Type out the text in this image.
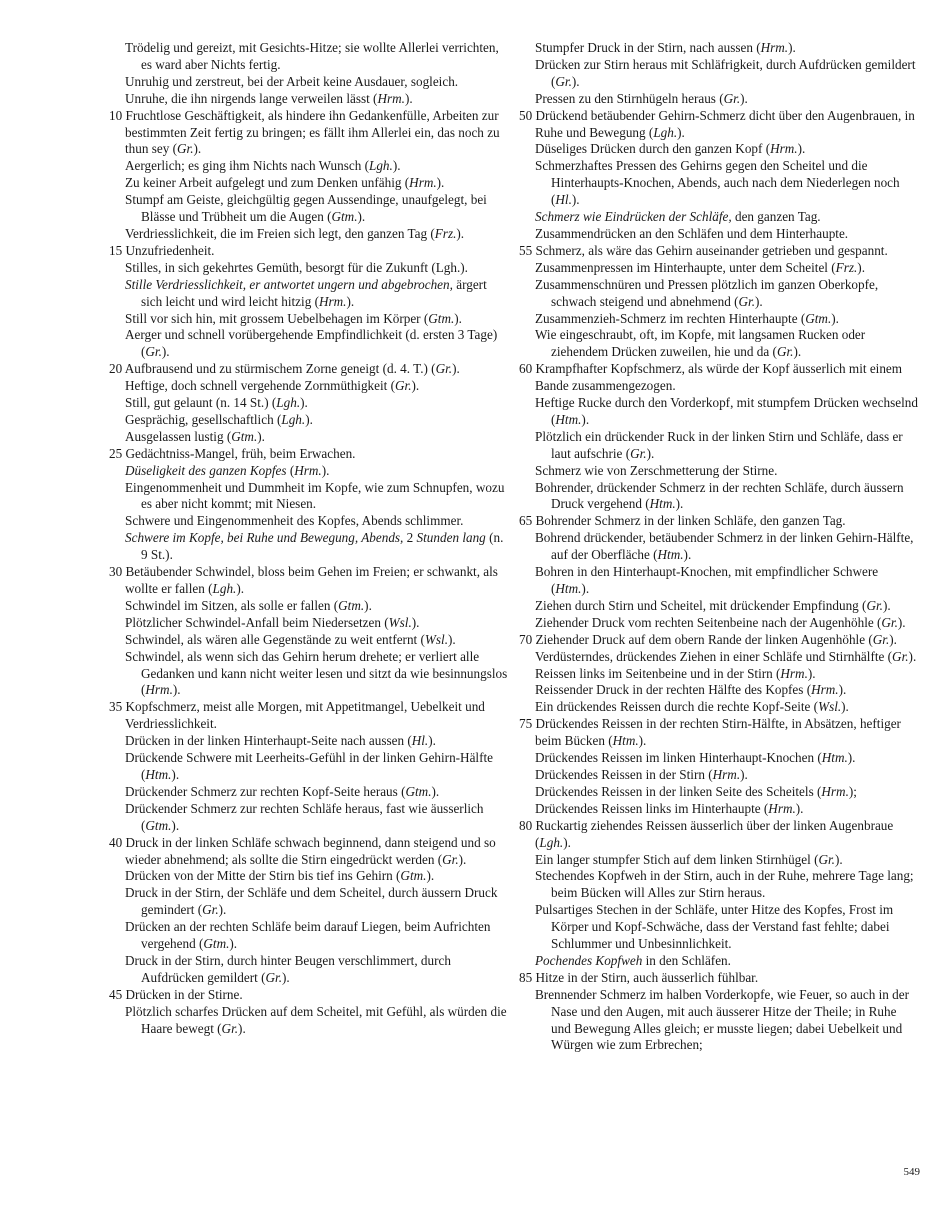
Trödelig und gereizt, mit Gesichts-Hitze; sie wollte Allerlei verrichten, es ward aber Nichts fertig.

Unruhig und zerstreut, bei der Arbeit keine Ausdauer, sogleich.

Unruhe, die ihn nirgends lange verweilen lässt (Hrm.).

10 Fruchtlose Geschäftigkeit, als hindere ihn Gedankenfülle, Arbeiten zur bestimmten Zeit fertig zu bringen; es fällt ihm Allerlei ein, das noch zu thun sey (Gr.).

Aergerlich; es ging ihm Nichts nach Wunsch (Lgh.).

Zu keiner Arbeit aufgelegt und zum Denken unfähig (Hrm.).

Stumpf am Geiste, gleichgültig gegen Aussendinge, unaufgelegt, bei Blässe und Trübheit um die Augen (Gtm.).

Verdriesslichkeit, die im Freien sich legt, den ganzen Tag (Frz.).

15 Unzufriedenheit.

Stilles, in sich gekehrtes Gemüth, besorgt für die Zukunft (Lgh.).

Stille Verdriesslichkeit, er antwortet ungern und abgebrochen, ärgert sich leicht und wird leicht hitzig (Hrm.).

Still vor sich hin, mit grossem Uebelbehagen im Körper (Gtm.).

Aerger und schnell vorübergehende Empfindlichkeit (d. ersten 3 Tage) (Gr.).

20 Aufbrausend und zu stürmischem Zorne geneigt (d. 4. T.) (Gr.).

Heftige, doch schnell vergehende Zornmüthigkeit (Gr.).

Still, gut gelaunt (n. 14 St.) (Lgh.).

Gesprächig, gesellschaftlich (Lgh.).

Ausgelassen lustig (Gtm.).

25 Gedächtniss-Mangel, früh, beim Erwachen.

Düseligkeit des ganzen Kopfes (Hrm.).

Eingenommenheit und Dummheit im Kopfe, wie zum Schnupfen, wozu es aber nicht kommt; mit Niesen.

Schwere und Eingenommenheit des Kopfes, Abends schlimmer.

Schwere im Kopfe, bei Ruhe und Bewegung, Abends, 2 Stunden lang (n. 9 St.).

30 Betäubender Schwindel, bloss beim Gehen im Freien; er schwankt, als wollte er fallen (Lgh.).

Schwindel im Sitzen, als solle er fallen (Gtm.).

Plötzlicher Schwindel-Anfall beim Niedersetzen (Wsl.).

Schwindel, als wären alle Gegenstände zu weit entfernt (Wsl.).

Schwindel, als wenn sich das Gehirn herum drehete; er verliert alle Gedanken und kann nicht weiter lesen und sitzt da wie besinnungslos (Hrm.).

35 Kopfschmerz, meist alle Morgen, mit Appetitmangel, Uebelkeit und Verdriesslichkeit.

Drücken in der linken Hinterhaupt-Seite nach aussen (Hl.).

Drückende Schwere mit Leerheits-Gefühl in der linken Gehirn-Hälfte (Htm.).

Drückender Schmerz zur rechten Kopf-Seite heraus (Gtm.).

Drückender Schmerz zur rechten Schläfe heraus, fast wie äusserlich (Gtm.).

40 Druck in der linken Schläfe schwach beginnend, dann steigend und so wieder abnehmend; als sollte die Stirn eingedrückt werden (Gr.).

Drücken von der Mitte der Stirn bis tief ins Gehirn (Gtm.).

Druck in der Stirn, der Schläfe und dem Scheitel, durch äussern Druck gemindert (Gr.).

Drücken an der rechten Schläfe beim darauf Liegen, beim Aufrichten vergehend (Gtm.).

Druck in der Stirn, durch hinter Beugen verschlimmert, durch Aufdrücken gemildert (Gr.).

45 Drücken in der Stirne.

Plötzlich scharfes Drücken auf dem Scheitel, mit Gefühl, als würden die Haare bewegt (Gr.).

Stumpfer Druck in der Stirn, nach aussen (Hrm.).

Drücken zur Stirn heraus mit Schläfrigkeit, durch Aufdrücken gemildert (Gr.).

Pressen zu den Stirnhügeln heraus (Gr.).

50 Drückend betäubender Gehirn-Schmerz dicht über den Augenbrauen, in Ruhe und Bewegung (Lgh.).

Düseliges Drücken durch den ganzen Kopf (Hrm.).

Schmerzhaftes Pressen des Gehirns gegen den Scheitel und die Hinterhaupts-Knochen, Abends, auch nach dem Niederlegen noch (Hl.).

Schmerz wie Eindrücken der Schläfe, den ganzen Tag.

Zusammendrücken an den Schläfen und dem Hinterhaupte.

55 Schmerz, als wäre das Gehirn auseinander getrieben und gespannt.

Zusammenpressen im Hinterhaupte, unter dem Scheitel (Frz.).

Zusammenschnüren und Pressen plötzlich im ganzen Oberkopfe, schwach steigend und abnehmend (Gr.).

Zusammenzieh-Schmerz im rechten Hinterhaupte (Gtm.).

Wie eingeschraubt, oft, im Kopfe, mit langsamen Rucken oder ziehendem Drücken zuweilen, hie und da (Gr.).

60 Krampfhafter Kopfschmerz, als würde der Kopf äusserlich mit einem Bande zusammengezogen.

Heftige Rucke durch den Vorderkopf, mit stumpfem Drücken wechselnd (Htm.).

Plötzlich ein drückender Ruck in der linken Stirn und Schläfe, dass er laut aufschrie (Gr.).

Schmerz wie von Zerschmetterung der Stirne.

Bohrender, drückender Schmerz in der rechten Schläfe, durch äussern Druck vergehend (Htm.).

65 Bohrender Schmerz in der linken Schläfe, den ganzen Tag.

Bohrend drückender, betäubender Schmerz in der linken Gehirn-Hälfte, auf der Oberfläche (Htm.).

Bohren in den Hinterhaupt-Knochen, mit empfindlicher Schwere (Htm.).

Ziehen durch Stirn und Scheitel, mit drückender Empfindung (Gr.).

Ziehender Druck vom rechten Seitenbeine nach der Augenhöhle (Gr.).

70 Ziehender Druck auf dem obern Rande der linken Augenhöhle (Gr.).

Verdüsterndes, drückendes Ziehen in einer Schläfe und Stirnhälfte (Gr.).

Reissen links im Seitenbeine und in der Stirn (Hrm.).

Reissender Druck in der rechten Hälfte des Kopfes (Hrm.).

Ein drückendes Reissen durch die rechte Kopf-Seite (Wsl.).

75 Drückendes Reissen in der rechten Stirn-Hälfte, in Absätzen, heftiger beim Bücken (Htm.).

Drückendes Reissen im linken Hinterhaupt-Knochen (Htm.).

Drückendes Reissen in der Stirn (Hrm.).

Drückendes Reissen in der linken Seite des Scheitels (Hrm.);

Drückendes Reissen links im Hinterhaupte (Hrm.).

80 Ruckartig ziehendes Reissen äusserlich über der linken Augenbraue (Lgh.).

Ein langer stumpfer Stich auf dem linken Stirnhügel (Gr.).

Stechendes Kopfweh in der Stirn, auch in der Ruhe, mehrere Tage lang; beim Bücken will Alles zur Stirn heraus.

Pulsartiges Stechen in der Schläfe, unter Hitze des Kopfes, Frost im Körper und Kopf-Schwäche, dass der Verstand fast fehlte; dabei Schlummer und Unbesinnlichkeit.

Pochendes Kopfweh in den Schläfen.

85 Hitze in der Stirn, auch äusserlich fühlbar.

Brennender Schmerz im halben Vorderkopfe, wie Feuer, so auch in der Nase und den Augen, mit auch äusserer Hitze der Theile; in Ruhe und Bewegung Alles gleich; er musste liegen; dabei Uebelkeit und Würgen wie zum Erbrechen;

549
